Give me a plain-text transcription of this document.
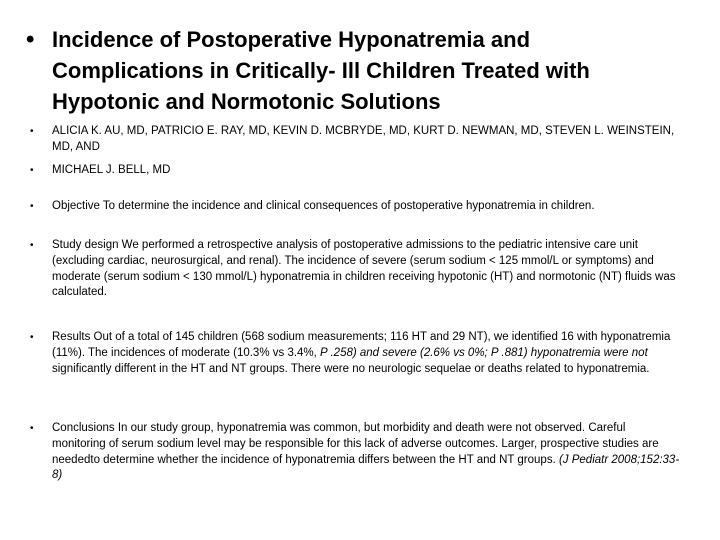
• Incidence of Postoperative Hyponatremia and Complications in Critically- Ill Children Treated with Hypotonic and Normotonic Solutions
• ALICIA K. AU, MD, PATRICIO E. RAY, MD, KEVIN D. MCBRYDE, MD, KURT D. NEWMAN, MD, STEVEN L. WEINSTEIN, MD, AND
• MICHAEL J. BELL, MD
• Objective To determine the incidence and clinical consequences of postoperative hyponatremia in children.
• Study design We performed a retrospective analysis of postoperative admissions to the pediatric intensive care unit (excluding cardiac, neurosurgical, and renal). The incidence of severe (serum sodium < 125 mmol/L or symptoms) and moderate (serum sodium < 130 mmol/L) hyponatremia in children receiving hypotonic (HT) and normotonic (NT) fluids was calculated.
• Results Out of a total of 145 children (568 sodium measurements; 116 HT and 29 NT), we identified 16 with hyponatremia (11%). The incidences of moderate (10.3% vs 3.4%, P .258) and severe (2.6% vs 0%; P .881) hyponatremia were not significantly different in the HT and NT groups. There were no neurologic sequelae or deaths related to hyponatremia.
• Conclusions In our study group, hyponatremia was common, but morbidity and death were not observed. Careful monitoring of serum sodium level may be responsible for this lack of adverse outcomes. Larger, prospective studies are neededto determine whether the incidence of hyponatremia differs between the HT and NT groups. (J Pediatr 2008;152:33-8)
